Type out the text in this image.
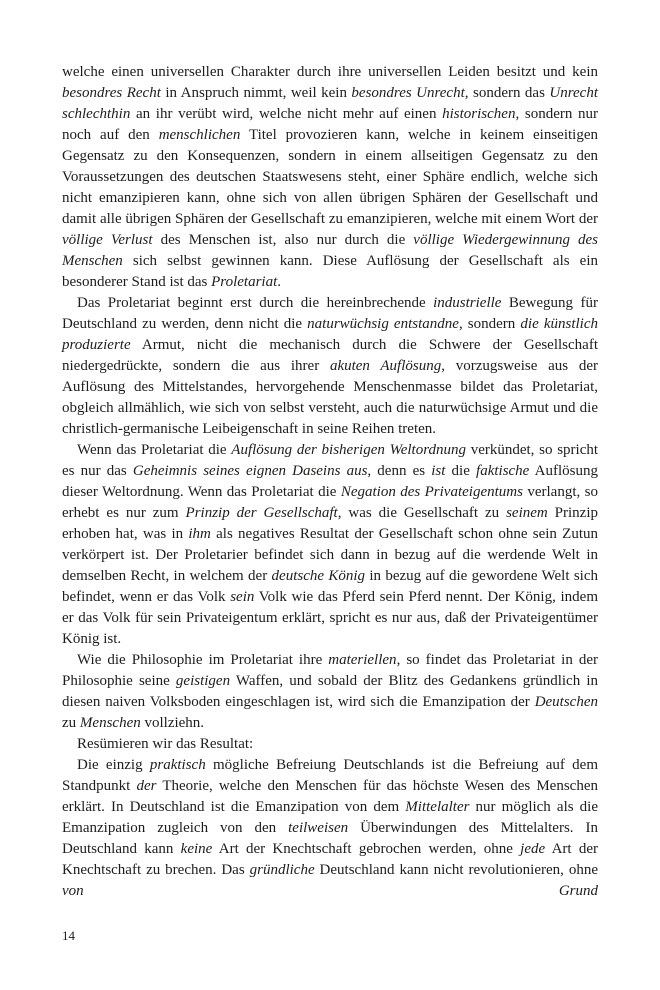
welche einen universellen Charakter durch ihre universellen Leiden besitzt und kein besondres Recht in Anspruch nimmt, weil kein besondres Unrecht, sondern das Unrecht schlechthin an ihr verübt wird, welche nicht mehr auf einen historischen, sondern nur noch auf den menschlichen Titel provozieren kann, welche in keinem einseitigen Gegensatz zu den Konsequenzen, sondern in einem allseitigen Gegensatz zu den Voraussetzungen des deutschen Staatswesens steht, einer Sphäre endlich, welche sich nicht emanzipieren kann, ohne sich von allen übrigen Sphären der Gesellschaft und damit alle übrigen Sphären der Gesellschaft zu emanzipieren, welche mit einem Wort der völlige Verlust des Menschen ist, also nur durch die völlige Wiedergewinnung des Menschen sich selbst gewinnen kann. Diese Auflösung der Gesellschaft als ein besonderer Stand ist das Proletariat.

Das Proletariat beginnt erst durch die hereinbrechende industrielle Bewegung für Deutschland zu werden, denn nicht die naturwüchsig entstandne, sondern die künstlich produzierte Armut, nicht die mechanisch durch die Schwere der Gesellschaft niedergedrückte, sondern die aus ihrer akuten Auflösung, vorzugsweise aus der Auflösung des Mittelstandes, hervorgehende Menschenmasse bildet das Proletariat, obgleich allmählich, wie sich von selbst versteht, auch die naturwüchsige Armut und die christlich-germanische Leibeigenschaft in seine Reihen treten.

Wenn das Proletariat die Auflösung der bisherigen Weltordnung verkündet, so spricht es nur das Geheimnis seines eignen Daseins aus, denn es ist die faktische Auflösung dieser Weltordnung. Wenn das Proletariat die Negation des Privateigentums verlangt, so erhebt es nur zum Prinzip der Gesellschaft, was die Gesellschaft zu seinem Prinzip erhoben hat, was in ihm als negatives Resultat der Gesellschaft schon ohne sein Zutun verkörpert ist. Der Proletarier befindet sich dann in bezug auf die werdende Welt in demselben Recht, in welchem der deutsche König in bezug auf die gewordene Welt sich befindet, wenn er das Volk sein Volk wie das Pferd sein Pferd nennt. Der König, indem er das Volk für sein Privateigentum erklärt, spricht es nur aus, daß der Privateigentümer König ist.

Wie die Philosophie im Proletariat ihre materiellen, so findet das Proletariat in der Philosophie seine geistigen Waffen, und sobald der Blitz des Gedankens gründlich in diesen naiven Volksboden eingeschlagen ist, wird sich die Emanzipation der Deutschen zu Menschen vollziehn.

Resümieren wir das Resultat:

Die einzig praktisch mögliche Befreiung Deutschlands ist die Befreiung auf dem Standpunkt der Theorie, welche den Menschen für das höchste Wesen des Menschen erklärt. In Deutschland ist die Emanzipation von dem Mittelalter nur möglich als die Emanzipation zugleich von den teilweisen Überwindungen des Mittelalters. In Deutschland kann keine Art der Knechtschaft gebrochen werden, ohne jede Art der Knechtschaft zu brechen. Das gründliche Deutschland kann nicht revolutionieren, ohne von Grund

14
